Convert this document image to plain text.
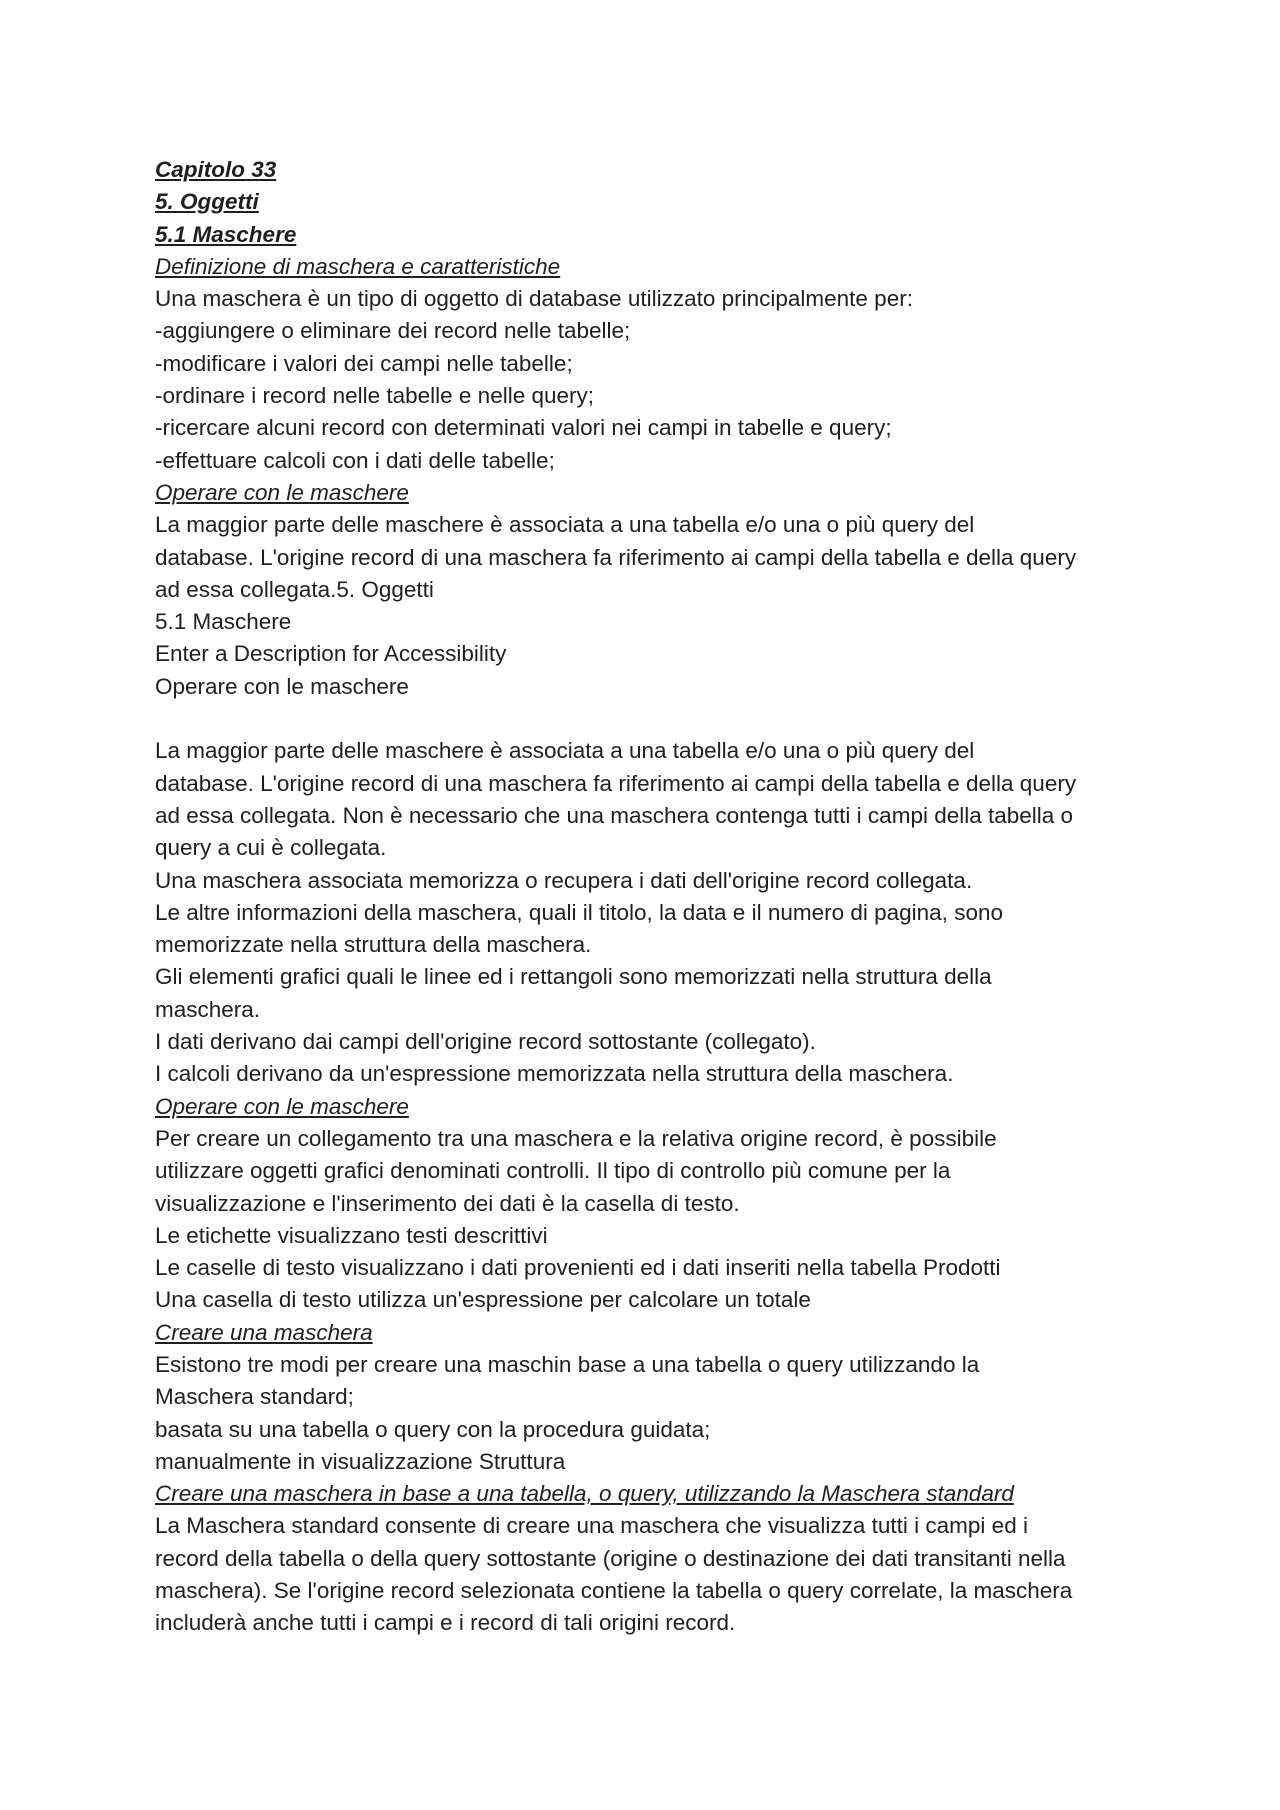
Capitolo 33
5. Oggetti
5.1 Maschere
Definizione di maschera e caratteristiche
Una maschera è un tipo di oggetto di database utilizzato principalmente per:
-aggiungere o eliminare dei record nelle tabelle;
-modificare i valori dei campi nelle tabelle;
-ordinare i record nelle tabelle e nelle query;
-ricercare alcuni record con determinati valori nei campi in tabelle e query;
-effettuare calcoli con i dati delle tabelle;
Operare con le maschere
La maggior parte delle maschere è associata a una tabella e/o una o più query del
database. L'origine record di una maschera fa riferimento ai campi della tabella e della query
ad essa collegata.5. Oggetti
5.1 Maschere
Enter a Description for Accessibility
Operare con le maschere
La maggior parte delle maschere è associata a una tabella e/o una o più query del
database. L'origine record di una maschera fa riferimento ai campi della tabella e della query
ad essa collegata. Non è necessario che una maschera contenga tutti i campi della tabella o
query a cui è collegata.
Una maschera associata memorizza o recupera i dati dell'origine record collegata.
Le altre informazioni della maschera, quali il titolo, la data e il numero di pagina, sono
memorizzate nella struttura della maschera.
Gli elementi grafici quali le linee ed i rettangoli sono memorizzati nella struttura della
maschera.
I dati derivano dai campi dell'origine record sottostante (collegato).
I calcoli derivano da un'espressione memorizzata nella struttura della maschera.
Operare con le maschere
Per creare un collegamento tra una maschera e la relativa origine record, è possibile
utilizzare oggetti grafici denominati controlli. Il tipo di controllo più comune per la
visualizzazione e l'inserimento dei dati è la casella di testo.
Le etichette visualizzano testi descrittivi
Le caselle di testo visualizzano i dati provenienti ed i dati inseriti nella tabella Prodotti
Una casella di testo utilizza un'espressione per calcolare un totale
Creare una maschera
Esistono tre modi per creare una maschin base a una tabella o query utilizzando la
Maschera standard;
basata su una tabella o query con la procedura guidata;
manualmente in visualizzazione Struttura
Creare una maschera in base a una tabella, o query, utilizzando la Maschera standard
La Maschera standard consente di creare una maschera che visualizza tutti i campi ed i
record della tabella o della query sottostante (origine o destinazione dei dati transitanti nella
maschera). Se l'origine record selezionata contiene la tabella o query correlate, la maschera
includerà anche tutti i campi e i record di tali origini record.
